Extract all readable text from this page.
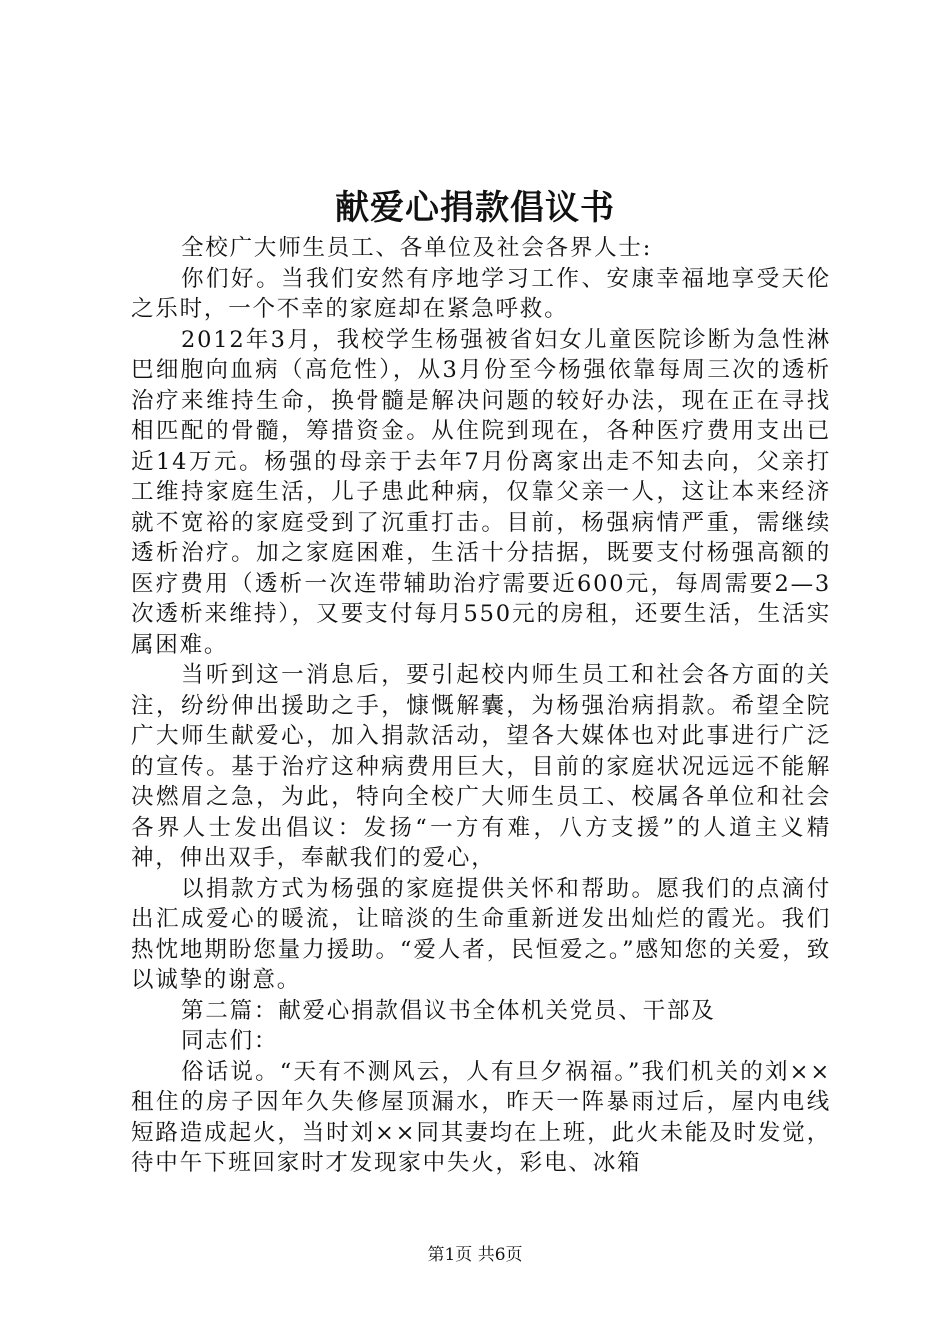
献爱心捐款倡议书

全校广大师生员工、各单位及社会各界人士:

你们好。当我们安然有序地学习工作、安康幸福地享受天伦之乐时，一个不幸的家庭却在紧急呼救。

2012年3月，我校学生杨强被省妇女儿童医院诊断为急性淋巴细胞向血病（高危性），从3月份至今杨强依靠每周三次的透析治疗来维持生命，换骨髓是解决问题的较好办法，现在正在寻找相匹配的骨髓，筹措资金。从住院到现在，各种医疗费用支出已近14万元。杨强的母亲于去年7月份离家出走不知去向，父亲打工维持家庭生活，儿子患此种病，仅靠父亲一人，这让本来经济就不宽裕的家庭受到了沉重打击。目前，杨强病情严重，需继续透析治疗。加之家庭困难，生活十分拮据，既要支付杨强高额的医疗费用（透析一次连带辅助治疗需要近600元，每周需要2—3次透析来维持），又要支付每月550元的房租，还要生活，生活实属困难。

当听到这一消息后，要引起校内师生员工和社会各方面的关注，纷纷伸出援助之手，慷慨解囊，为杨强治病捐款。希望全院广大师生献爱心，加入捐款活动，望各大媒体也对此事进行广泛的宣传。基于治疗这种病费用巨大，目前的家庭状况远远不能解决燃眉之急，为此，特向全校广大师生员工、校属各单位和社会各界人士发出倡议：发扬“一方有难，八方支援”的人道主义精神，伸出双手，奉献我们的爱心，

以捐款方式为杨强的家庭提供关怀和帮助。愿我们的点滴付出汇成爱心的暖流，让暗淡的生命重新迸发出灿烂的霞光。我们热忱地期盼您量力援助。“爱人者，民恒爱之。”感知您的关爱，致以诚挚的谢意。

第二篇：献爱心捐款倡议书全体机关党员、干部及

同志们：

俗话说。“天有不测风云，人有旦夕祸福。”我们机关的刘××租住的房子因年久失修屋顶漏水，昨天一阵暴雨过后，屋内电线短路造成起火，当时刘××同其妻均在上班，此火未能及时发觉，待中午下班回家时才发现家中失火，彩电、冰箱

第1页 共6页
